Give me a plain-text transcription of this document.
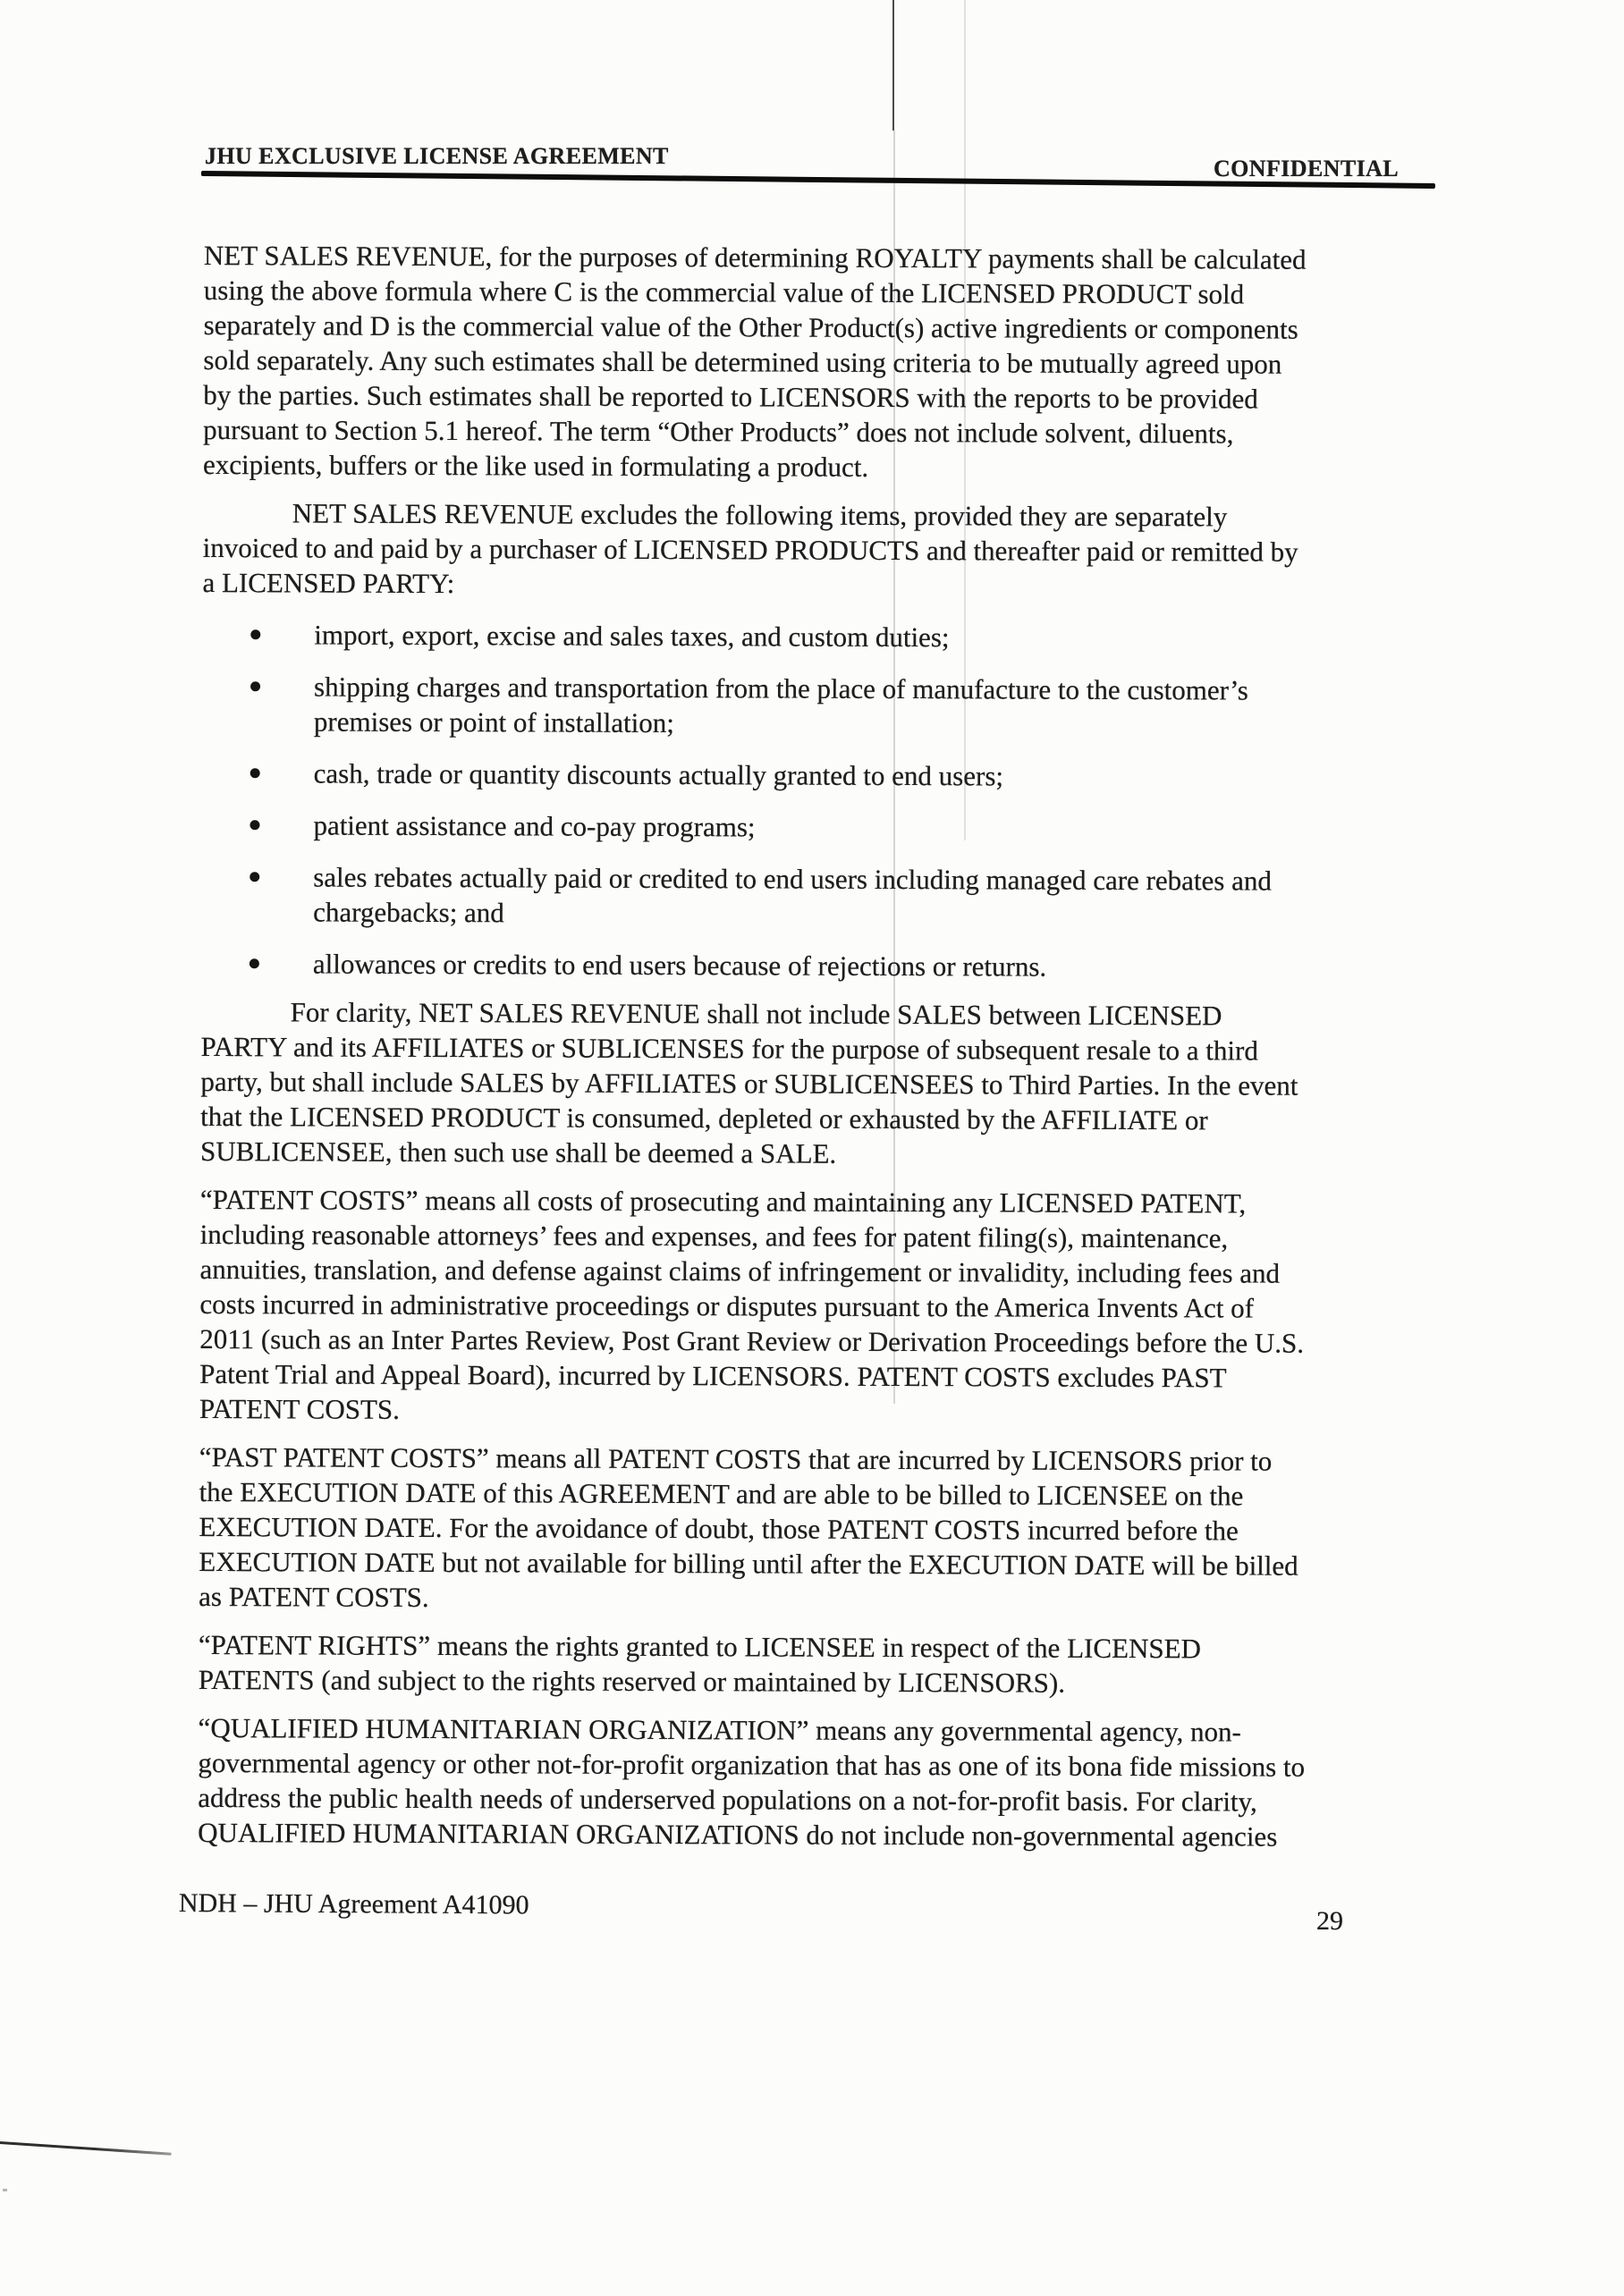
JHU EXCLUSIVE LICENSE AGREEMENT	CONFIDENTIAL
NET SALES REVENUE, for the purposes of determining ROYALTY payments shall be calculated
using the above formula where C is the commercial value of the LICENSED PRODUCT sold
separately and D is the commercial value of the Other Product(s) active ingredients or components
sold separately. Any such estimates shall be determined using criteria to be mutually agreed upon
by the parties. Such estimates shall be reported to LICENSORS with the reports to be provided
pursuant to Section 5.1 hereof. The term “Other Products” does not include solvent, diluents,
excipients, buffers or the like used in formulating a product.
NET SALES REVENUE excludes the following items, provided they are separately
invoiced to and paid by a purchaser of LICENSED PRODUCTS and thereafter paid or remitted by
a LICENSED PARTY:
import, export, excise and sales taxes, and custom duties;
shipping charges and transportation from the place of manufacture to the customer’s
premises or point of installation;
cash, trade or quantity discounts actually granted to end users;
patient assistance and co-pay programs;
sales rebates actually paid or credited to end users including managed care rebates and
chargebacks; and
allowances or credits to end users because of rejections or returns.
For clarity, NET SALES REVENUE shall not include SALES between LICENSED
PARTY and its AFFILIATES or SUBLICENSES for the purpose of subsequent resale to a third
party, but shall include SALES by AFFILIATES or SUBLICENSEES to Third Parties. In the event
that the LICENSED PRODUCT is consumed, depleted or exhausted by the AFFILIATE or
SUBLICENSEE, then such use shall be deemed a SALE.
“PATENT COSTS” means all costs of prosecuting and maintaining any LICENSED PATENT,
including reasonable attorneys’ fees and expenses, and fees for patent filing(s), maintenance,
annuities, translation, and defense against claims of infringement or invalidity, including fees and
costs incurred in administrative proceedings or disputes pursuant to the America Invents Act of
2011 (such as an Inter Partes Review, Post Grant Review or Derivation Proceedings before the U.S.
Patent Trial and Appeal Board), incurred by LICENSORS. PATENT COSTS excludes PAST
PATENT COSTS.
“PAST PATENT COSTS” means all PATENT COSTS that are incurred by LICENSORS prior to
the EXECUTION DATE of this AGREEMENT and are able to be billed to LICENSEE on the
EXECUTION DATE. For the avoidance of doubt, those PATENT COSTS incurred before the
EXECUTION DATE but not available for billing until after the EXECUTION DATE will be billed
as PATENT COSTS.
“PATENT RIGHTS” means the rights granted to LICENSEE in respect of the LICENSED
PATENTS (and subject to the rights reserved or maintained by LICENSORS).
“QUALIFIED HUMANITARIAN ORGANIZATION” means any governmental agency, non-
governmental agency or other not-for-profit organization that has as one of its bona fide missions to
address the public health needs of underserved populations on a not-for-profit basis. For clarity,
QUALIFIED HUMANITARIAN ORGANIZATIONS do not include non-governmental agencies
NDH – JHU Agreement A41090
29
